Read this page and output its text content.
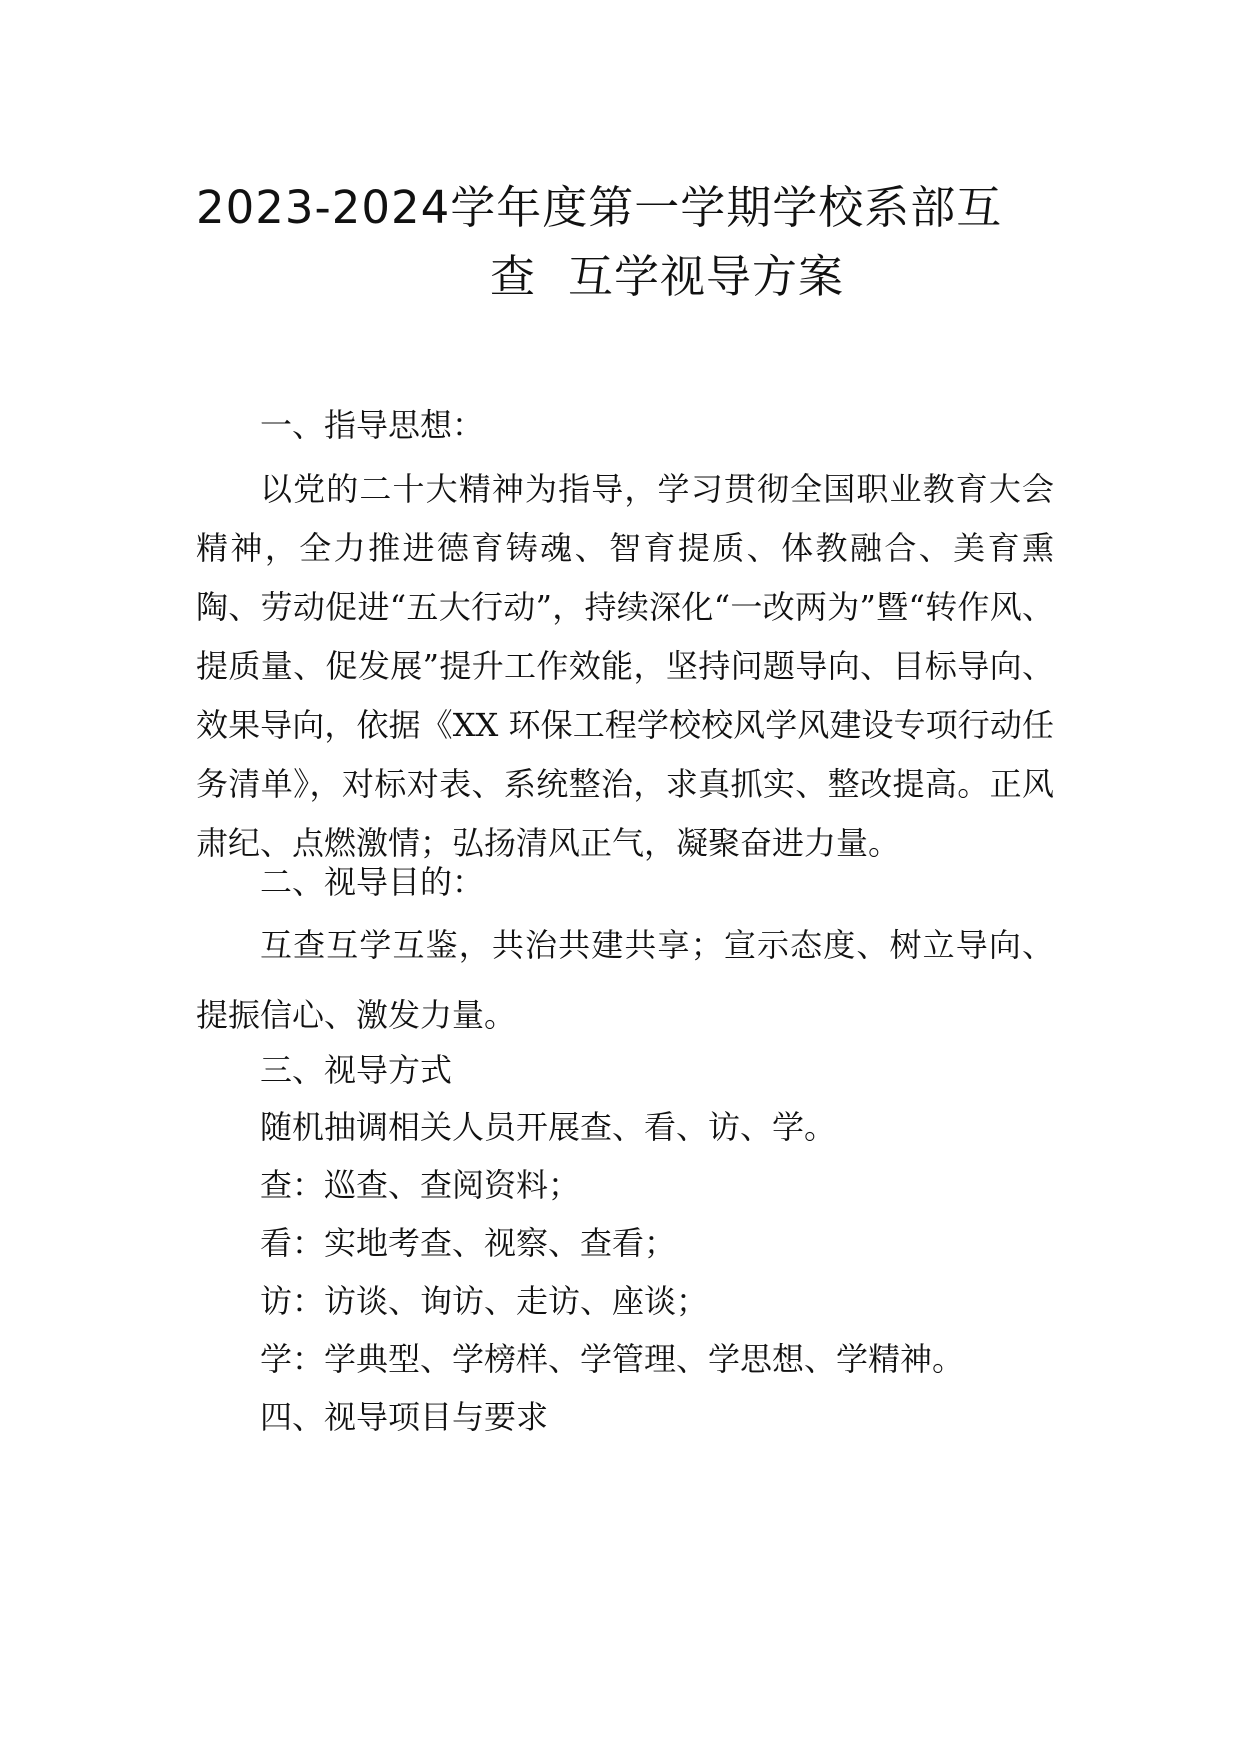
2023-2024学年度第一学期学校系部互
查 互学视导方案
一、指导思想：
以党的二十大精神为指导，学习贯彻全国职业教育大会精神，全力推进德育铸魂、智育提质、体教融合、美育熏陶、劳动促进“五大行动”，持续深化“一改两为”暨“转作风、提质量、促发展”提升工作效能，坚持问题导向、目标导向、效果导向，依据《XX 环保工程学校校风学风建设专项行动任务清单》，对标对表、系统整治，求真抓实、整改提高。正风肃纪、点燃激情；弘扬清风正气，凝聚奋进力量。
二、视导目的：
互查互学互鉴，共治共建共享；宣示态度、树立导向、提振信心、激发力量。
三、视导方式
随机抽调相关人员开展查、看、访、学。
查：巡查、查阅资料；
看：实地考查、视察、查看；
访：访谈、询访、走访、座谈；
学：学典型、学榜样、学管理、学思想、学精神。
四、视导项目与要求
